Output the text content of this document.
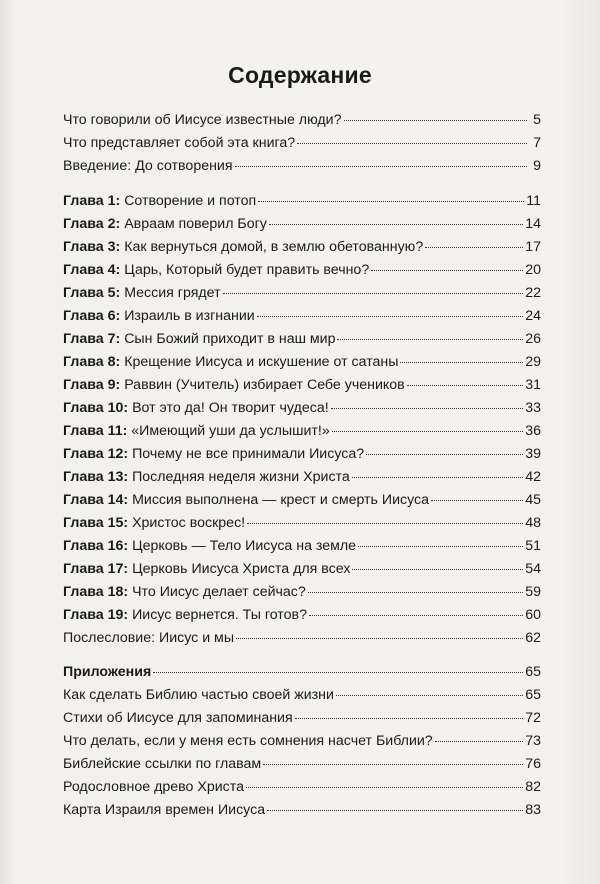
Содержание
Что говорили об Иисусе известные люди?	5
Что представляет собой эта книга?	7
Введение: До сотворения	9
Глава 1: Сотворение и потоп	11
Глава 2: Авраам поверил Богу	14
Глава 3: Как вернуться домой, в землю обетованную?	17
Глава 4: Царь, Который будет править вечно?	20
Глава 5: Мессия грядет	22
Глава 6: Израиль в изгнании	24
Глава 7: Сын Божий приходит в наш мир	26
Глава 8: Крещение Иисуса и искушение от сатаны	29
Глава 9: Раввин (Учитель) избирает Себе учеников	31
Глава 10: Вот это да! Он творит чудеса!	33
Глава 11: «Имеющий уши да услышит!»	36
Глава 12: Почему не все принимали Иисуса?	39
Глава 13: Последняя неделя жизни Христа	42
Глава 14: Миссия выполнена — крест и смерть Иисуса	45
Глава 15: Христос воскрес!	48
Глава 16: Церковь — Тело Иисуса на земле	51
Глава 17: Церковь Иисуса Христа для всех	54
Глава 18: Что Иисус делает сейчас?	59
Глава 19: Иисус вернется. Ты готов?	60
Послесловие: Иисус и мы	62
Приложения	65
Как сделать Библию частью своей жизни	65
Стихи об Иисусе для запоминания	72
Что делать, если у меня есть сомнения насчет Библии?	73
Библейские ссылки по главам	76
Родословное древо Христа	82
Карта Израиля времен Иисуса	83
